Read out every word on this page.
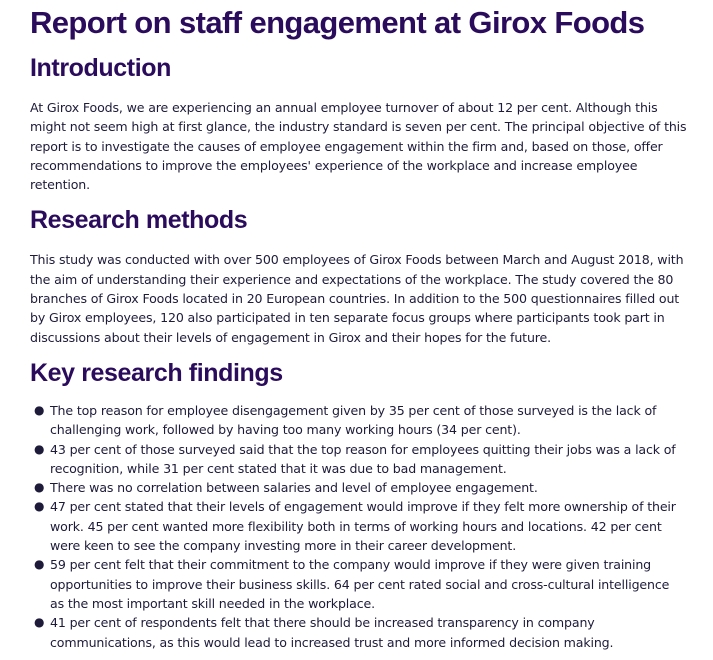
Report on staff engagement at Girox Foods
Introduction

At Girox Foods, we are experiencing an annual employee turnover of about 12 per cent. Although this might not seem high at first glance, the industry standard is seven per cent. The principal objective of this report is to investigate the causes of employee engagement within the firm and, based on those, offer recommendations to improve the employees' experience of the workplace and increase employee retention.

Research methods

This study was conducted with over 500 employees of Girox Foods between March and August 2018, with the aim of understanding their experience and expectations of the workplace. The study covered the 80 branches of Girox Foods located in 20 European countries. In addition to the 500 questionnaires filled out by Girox employees, 120 also participated in ten separate focus groups where participants took part in discussions about their levels of engagement in Girox and their hopes for the future.

Key research findings
● The top reason for employee disengagement given by 35 per cent of those surveyed is the lack of challenging work, followed by having too many working hours (34 per cent).
● 43 per cent of those surveyed said that the top reason for employees quitting their jobs was a lack of recognition, while 31 per cent stated that it was due to bad management.
● There was no correlation between salaries and level of employee engagement.
● 47 per cent stated that their levels of engagement would improve if they felt more ownership of their work. 45 per cent wanted more flexibility both in terms of working hours and locations. 42 per cent were keen to see the company investing more in their career development.
● 59 per cent felt that their commitment to the company would improve if they were given training opportunities to improve their business skills. 64 per cent rated social and cross-cultural intelligence as the most important skill needed in the workplace.
● 41 per cent of respondents felt that there should be increased transparency in company communications, as this would lead to increased trust and more informed decision making.
